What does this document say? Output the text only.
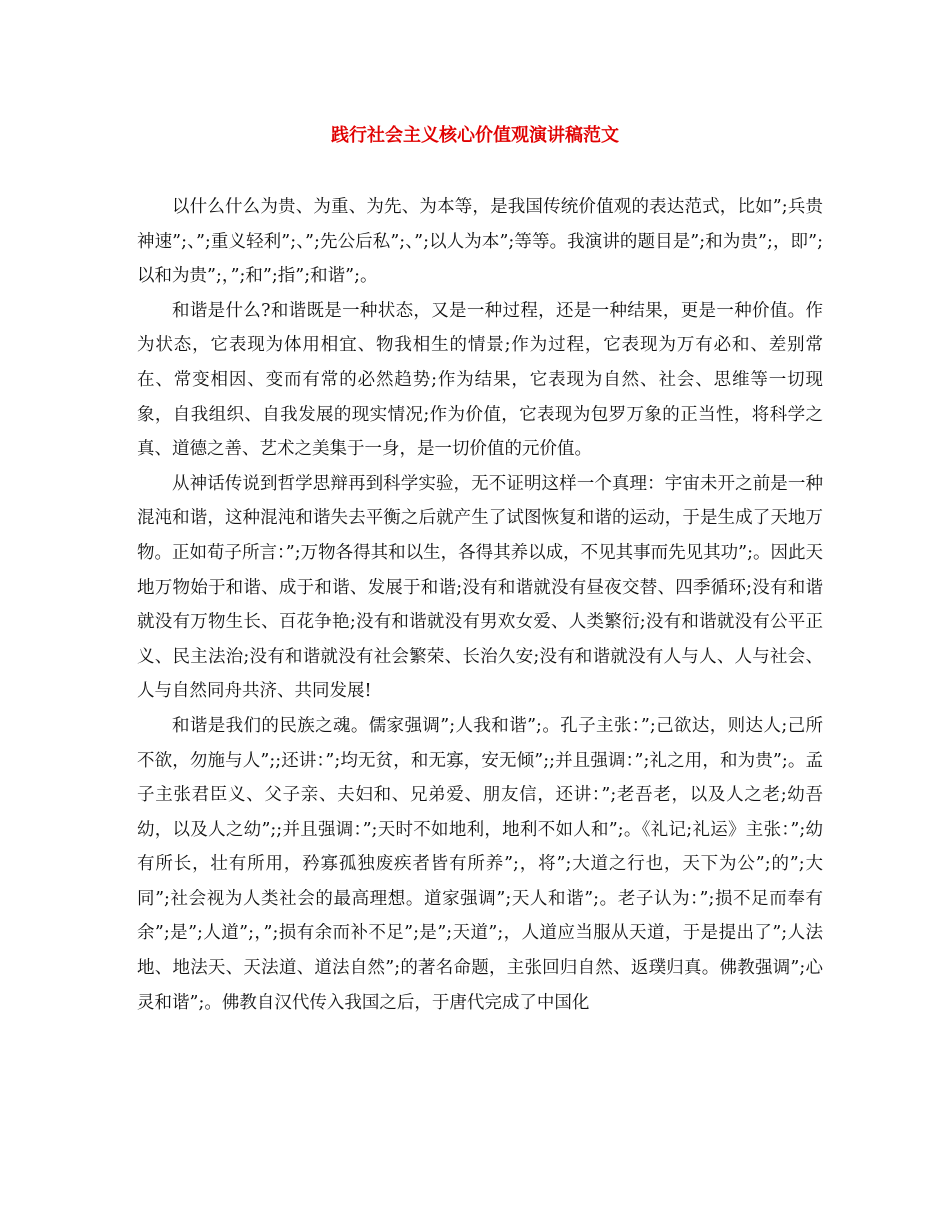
践行社会主义核心价值观演讲稿范文

以什么什么为贵、为重、为先、为本等，是我国传统价值观的表达范式，比如”;兵贵神速”;、”;重义轻利”;、”;先公后私”;、”;以人为本”;等等。我演讲的题目是”;和为贵”;，即”;以和为贵”;，”;和”;指”;和谐”;。

和谐是什么?和谐既是一种状态，又是一种过程，还是一种结果，更是一种价值。作为状态，它表现为体用相宜、物我相生的情景;作为过程，它表现为万有必和、差别常在、常变相因、变而有常的必然趋势;作为结果，它表现为自然、社会、思维等一切现象，自我组织、自我发展的现实情况;作为价值，它表现为包罗万象的正当性，将科学之真、道德之善、艺术之美集于一身，是一切价值的元价值。

从神话传说到哲学思辩再到科学实验，无不证明这样一个真理：宇宙未开之前是一种混沌和谐，这种混沌和谐失去平衡之后就产生了试图恢复和谐的运动，于是生成了天地万物。正如荀子所言：”;万物各得其和以生，各得其养以成，不见其事而先见其功”;。因此天地万物始于和谐、成于和谐、发展于和谐;没有和谐就没有昼夜交替、四季循环;没有和谐就没有万物生长、百花争艳;没有和谐就没有男欢女爱、人类繁衍;没有和谐就没有公平正义、民主法治;没有和谐就没有社会繁荣、长治久安;没有和谐就没有人与人、人与社会、人与自然同舟共济、共同发展!

和谐是我们的民族之魂。儒家强调”;人我和谐”;。孔子主张：”;己欲达，则达人;己所不欲，勿施与人”;;还讲：”;均无贫，和无寡，安无倾”;;并且强调：”;礼之用，和为贵”;。孟子主张君臣义、父子亲、夫妇和、兄弟爱、朋友信，还讲：”;老吾老，以及人之老;幼吾幼，以及人之幼”;;并且强调：”;天时不如地利，地利不如人和”;。《礼记;礼运》主张：”;幼有所长，壮有所用，矜寡孤独废疾者皆有所养”;，将”;大道之行也，天下为公”;的”;大同”;社会视为人类社会的最高理想。道家强调”;天人和谐”;。老子认为：”;损不足而奉有余”;是”;人道”;，”;损有余而补不足”;是”;天道”;，人道应当服从天道，于是提出了”;人法地、地法天、天法道、道法自然”;的著名命题，主张回归自然、返璞归真。佛教强调”;心灵和谐”;。佛教自汉代传入我国之后，于唐代完成了中国化
